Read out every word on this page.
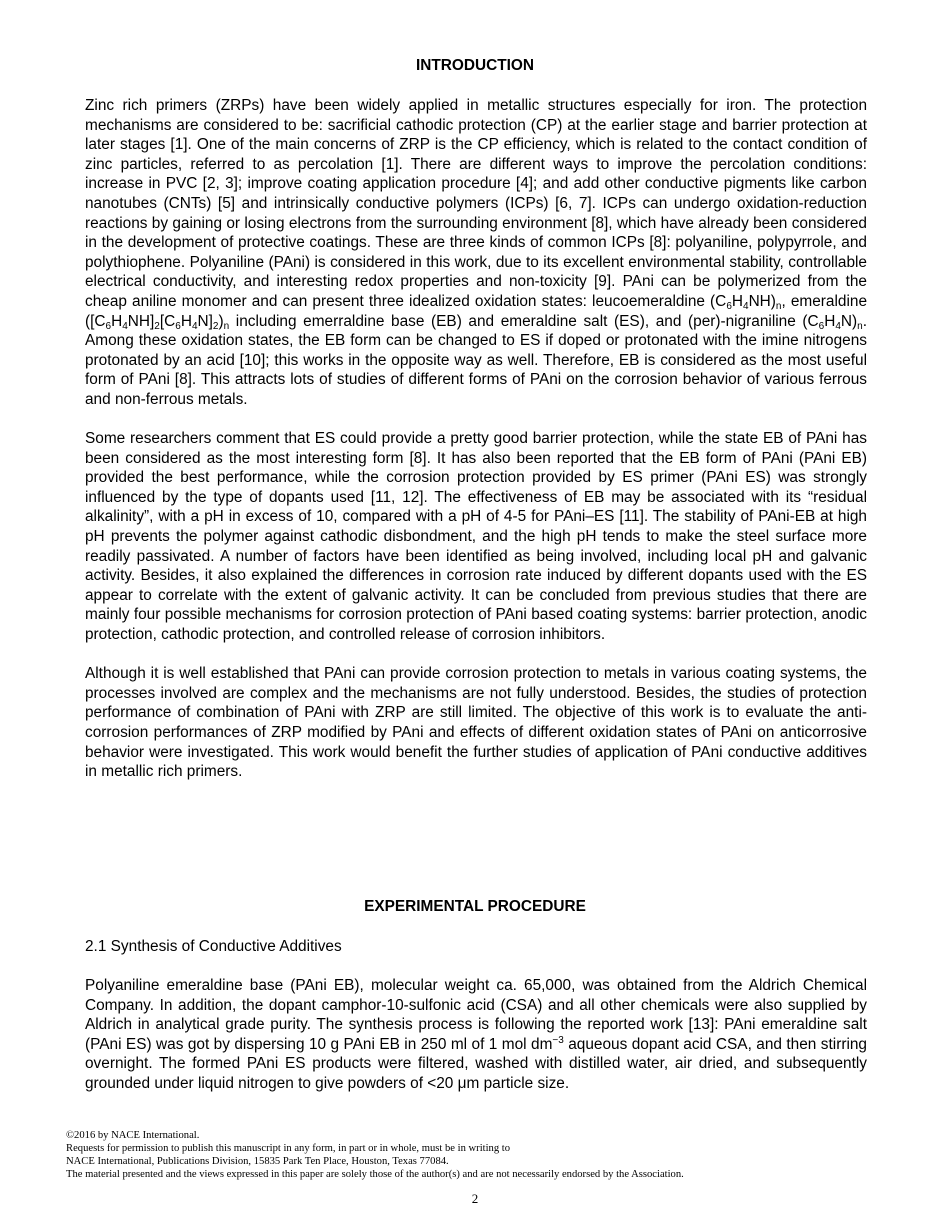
INTRODUCTION

Zinc rich primers (ZRPs) have been widely applied in metallic structures especially for iron. The protection mechanisms are considered to be: sacrificial cathodic protection (CP) at the earlier stage and barrier protection at later stages [1]. One of the main concerns of ZRP is the CP efficiency, which is related to the contact condition of zinc particles, referred to as percolation [1]. There are different ways to improve the percolation conditions: increase in PVC [2, 3]; improve coating application procedure [4]; and add other conductive pigments like carbon nanotubes (CNTs) [5] and intrinsically conductive polymers (ICPs) [6, 7]. ICPs can undergo oxidation-reduction reactions by gaining or losing electrons from the surrounding environment [8], which have already been considered in the development of protective coatings. These are three kinds of common ICPs [8]: polyaniline, polypyrrole, and polythiophene. Polyaniline (PAni) is considered in this work, due to its excellent environmental stability, controllable electrical conductivity, and interesting redox properties and non-toxicity [9]. PAni can be polymerized from the cheap aniline monomer and can present three idealized oxidation states: leucoemeraldine $(C_6H_4NH)_n$, emeraldine $([C_6H_4NH]_2[C_6H_4N]_2)_n$ including emerraldine base (EB) and emeraldine salt (ES), and (per)-nigraniline $(C_6H_4N)_n$. Among these oxidation states, the EB form can be changed to ES if doped or protonated with the imine nitrogens protonated by an acid [10]; this works in the opposite way as well. Therefore, EB is considered as the most useful form of PAni [8]. This attracts lots of studies of different forms of PAni on the corrosion behavior of various ferrous and non-ferrous metals.

Some researchers comment that ES could provide a pretty good barrier protection, while the state EB of PAni has been considered as the most interesting form [8]. It has also been reported that the EB form of PAni (PAni EB) provided the best performance, while the corrosion protection provided by ES primer (PAni ES) was strongly influenced by the type of dopants used [11, 12]. The effectiveness of EB may be associated with its “residual alkalinity”, with a pH in excess of 10, compared with a pH of 4-5 for PAni–ES [11]. The stability of PAni-EB at high pH prevents the polymer against cathodic disbondment, and the high pH tends to make the steel surface more readily passivated. A number of factors have been identified as being involved, including local pH and galvanic activity. Besides, it also explained the differences in corrosion rate induced by different dopants used with the ES appear to correlate with the extent of galvanic activity. It can be concluded from previous studies that there are mainly four possible mechanisms for corrosion protection of PAni based coating systems: barrier protection, anodic protection, cathodic protection, and controlled release of corrosion inhibitors.

Although it is well established that PAni can provide corrosion protection to metals in various coating systems, the processes involved are complex and the mechanisms are not fully understood. Besides, the studies of protection performance of combination of PAni with ZRP are still limited. The objective of this work is to evaluate the anti-corrosion performances of ZRP modified by PAni and effects of different oxidation states of PAni on anticorrosive behavior were investigated. This work would benefit the further studies of application of PAni conductive additives in metallic rich primers.

EXPERIMENTAL PROCEDURE
2.1 Synthesis of Conductive Additives

Polyaniline emeraldine base (PAni EB), molecular weight ca. 65,000, was obtained from the Aldrich Chemical Company. In addition, the dopant camphor-10-sulfonic acid (CSA) and all other chemicals were also supplied by Aldrich in analytical grade purity. The synthesis process is following the reported work [13]: PAni emeraldine salt (PAni ES) was got by dispersing 10 g PAni EB in 250 ml of 1 mol $dm^{-3}$ aqueous dopant acid CSA, and then stirring overnight. The formed PAni ES products were filtered, washed with distilled water, air dried, and subsequently grounded under liquid nitrogen to give powders of <20 μm particle size.

©2016 by NACE International.
Requests for permission to publish this manuscript in any form, in part or in whole, must be in writing to
NACE International, Publications Division, 15835 Park Ten Place, Houston, Texas 77084.
The material presented and the views expressed in this paper are solely those of the author(s) and are not necessarily endorsed by the Association.
2
